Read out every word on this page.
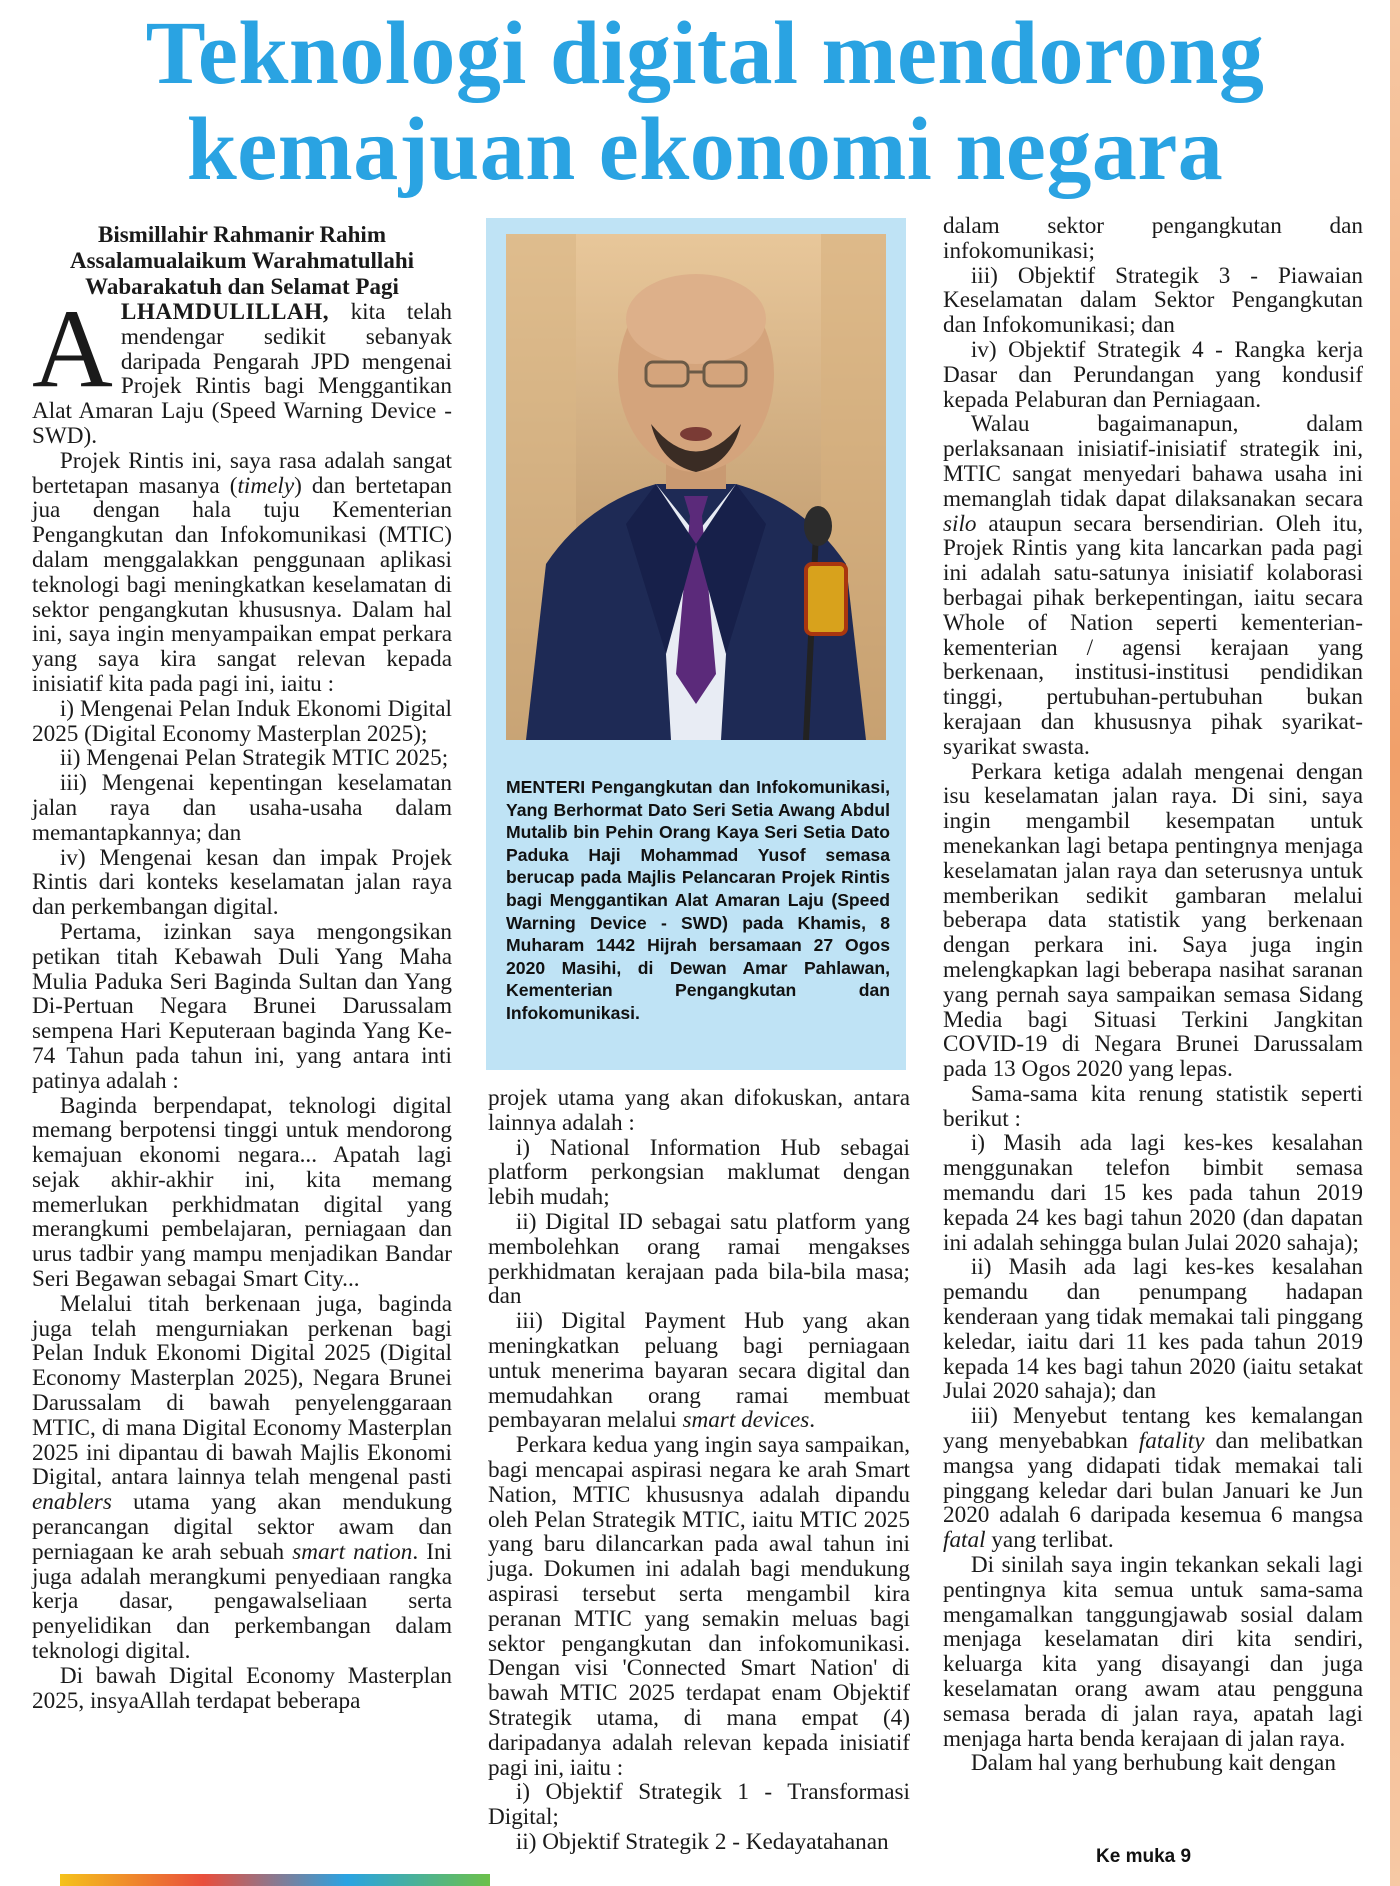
Teknologi digital mendorong
kemajuan ekonomi negara

Bismillahir Rahmanir Rahim
Assalamualaikum Warahmatullahi
Wabarakatuh dan Selamat Pagi

ALHAMDULILLAH, kita telah mendengar sedikit sebanyak daripada Pengarah JPD mengenai Projek Rintis bagi Menggantikan Alat Amaran Laju (Speed Warning Device - SWD).

Projek Rintis ini, saya rasa adalah sangat bertetapan masanya (timely) dan bertetapan jua dengan hala tuju Kementerian Pengangkutan dan Infokomunikasi (MTIC) dalam menggalakkan penggunaan aplikasi teknologi bagi meningkatkan keselamatan di sektor pengangkutan khususnya. Dalam hal ini, saya ingin menyampaikan empat perkara yang saya kira sangat relevan kepada inisiatif kita pada pagi ini, iaitu :

i) Mengenai Pelan Induk Ekonomi Digital 2025 (Digital Economy Masterplan 2025);

ii) Mengenai Pelan Strategik MTIC 2025;

iii) Mengenai kepentingan keselamatan jalan raya dan usaha-usaha dalam memantapkannya; dan

iv) Mengenai kesan dan impak Projek Rintis dari konteks keselamatan jalan raya dan perkembangan digital.

Pertama, izinkan saya mengongsikan petikan titah Kebawah Duli Yang Maha Mulia Paduka Seri Baginda Sultan dan Yang Di-Pertuan Negara Brunei Darussalam sempena Hari Keputeraan baginda Yang Ke-74 Tahun pada tahun ini, yang antara inti patinya adalah :

Baginda berpendapat, teknologi digital memang berpotensi tinggi untuk mendorong kemajuan ekonomi negara... Apatah lagi sejak akhir-akhir ini, kita memang memerlukan perkhidmatan digital yang merangkumi pembelajaran, perniagaan dan urus tadbir yang mampu menjadikan Bandar Seri Begawan sebagai Smart City...

Melalui titah berkenaan juga, baginda juga telah mengurniakan perkenan bagi Pelan Induk Ekonomi Digital 2025 (Digital Economy Masterplan 2025), Negara Brunei Darussalam di bawah penyelenggaraan MTIC, di mana Digital Economy Masterplan 2025 ini dipantau di bawah Majlis Ekonomi Digital, antara lainnya telah mengenal pasti enablers utama yang akan mendukung perancangan digital sektor awam dan perniagaan ke arah sebuah smart nation. Ini juga adalah merangkumi penyediaan rangka kerja dasar, pengawalseliaan serta penyelidikan dan perkembangan dalam teknologi digital.

Di bawah Digital Economy Masterplan 2025, insyaAllah terdapat beberapa

MENTERI Pengangkutan dan Infokomunikasi, Yang Berhormat Dato Seri Setia Awang Abdul Mutalib bin Pehin Orang Kaya Seri Setia Dato Paduka Haji Mohammad Yusof semasa berucap pada Majlis Pelancaran Projek Rintis bagi Menggantikan Alat Amaran Laju (Speed Warning Device - SWD) pada Khamis, 8 Muharam 1442 Hijrah bersamaan 27 Ogos 2020 Masihi, di Dewan Amar Pahlawan, Kementerian Pengangkutan dan Infokomunikasi.

projek utama yang akan difokuskan, antara lainnya adalah :

i) National Information Hub sebagai platform perkongsian maklumat dengan lebih mudah;

ii) Digital ID sebagai satu platform yang membolehkan orang ramai mengakses perkhidmatan kerajaan pada bila-bila masa; dan

iii) Digital Payment Hub yang akan meningkatkan peluang bagi perniagaan untuk menerima bayaran secara digital dan memudahkan orang ramai membuat pembayaran melalui smart devices.

Perkara kedua yang ingin saya sampaikan, bagi mencapai aspirasi negara ke arah Smart Nation, MTIC khususnya adalah dipandu oleh Pelan Strategik MTIC, iaitu MTIC 2025 yang baru dilancarkan pada awal tahun ini juga. Dokumen ini adalah bagi mendukung aspirasi tersebut serta mengambil kira peranan MTIC yang semakin meluas bagi sektor pengangkutan dan infokomunikasi. Dengan visi 'Connected Smart Nation' di bawah MTIC 2025 terdapat enam Objektif Strategik utama, di mana empat (4) daripadanya adalah relevan kepada inisiatif pagi ini, iaitu :

i) Objektif Strategik 1 - Transformasi Digital;

ii) Objektif Strategik 2 - Kedayatahanan

dalam sektor pengangkutan dan infokomunikasi;

iii) Objektif Strategik 3 - Piawaian Keselamatan dalam Sektor Pengangkutan dan Infokomunikasi; dan

iv) Objektif Strategik 4 - Rangka kerja Dasar dan Perundangan yang kondusif kepada Pelaburan dan Perniagaan.

Walau bagaimanapun, dalam perlaksanaan inisiatif-inisiatif strategik ini, MTIC sangat menyedari bahawa usaha ini memanglah tidak dapat dilaksanakan secara silo ataupun secara bersendirian. Oleh itu, Projek Rintis yang kita lancarkan pada pagi ini adalah satu-satunya inisiatif kolaborasi berbagai pihak berkepentingan, iaitu secara Whole of Nation seperti kementerian-kementerian / agensi kerajaan yang berkenaan, institusi-institusi pendidikan tinggi, pertubuhan-pertubuhan bukan kerajaan dan khususnya pihak syarikat-syarikat swasta.

Perkara ketiga adalah mengenai dengan isu keselamatan jalan raya. Di sini, saya ingin mengambil kesempatan untuk menekankan lagi betapa pentingnya menjaga keselamatan jalan raya dan seterusnya untuk memberikan sedikit gambaran melalui beberapa data statistik yang berkenaan dengan perkara ini. Saya juga ingin melengkapkan lagi beberapa nasihat saranan yang pernah saya sampaikan semasa Sidang Media bagi Situasi Terkini Jangkitan COVID-19 di Negara Brunei Darussalam pada 13 Ogos 2020 yang lepas.

Sama-sama kita renung statistik seperti berikut :

i) Masih ada lagi kes-kes kesalahan menggunakan telefon bimbit semasa memandu dari 15 kes pada tahun 2019 kepada 24 kes bagi tahun 2020 (dan dapatan ini adalah sehingga bulan Julai 2020 sahaja);

ii) Masih ada lagi kes-kes kesalahan pemandu dan penumpang hadapan kenderaan yang tidak memakai tali pinggang keledar, iaitu dari 11 kes pada tahun 2019 kepada 14 kes bagi tahun 2020 (iaitu setakat Julai 2020 sahaja); dan

iii) Menyebut tentang kes kemalangan yang menyebabkan fatality dan melibatkan mangsa yang didapati tidak memakai tali pinggang keledar dari bulan Januari ke Jun 2020 adalah 6 daripada kesemua 6 mangsa fatal yang terlibat.

Di sinilah saya ingin tekankan sekali lagi pentingnya kita semua untuk sama-sama mengamalkan tanggungjawab sosial dalam menjaga keselamatan diri kita sendiri, keluarga kita yang disayangi dan juga keselamatan orang awam atau pengguna semasa berada di jalan raya, apatah lagi menjaga harta benda kerajaan di jalan raya.

Dalam hal yang berhubung kait dengan

Ke muka 9
